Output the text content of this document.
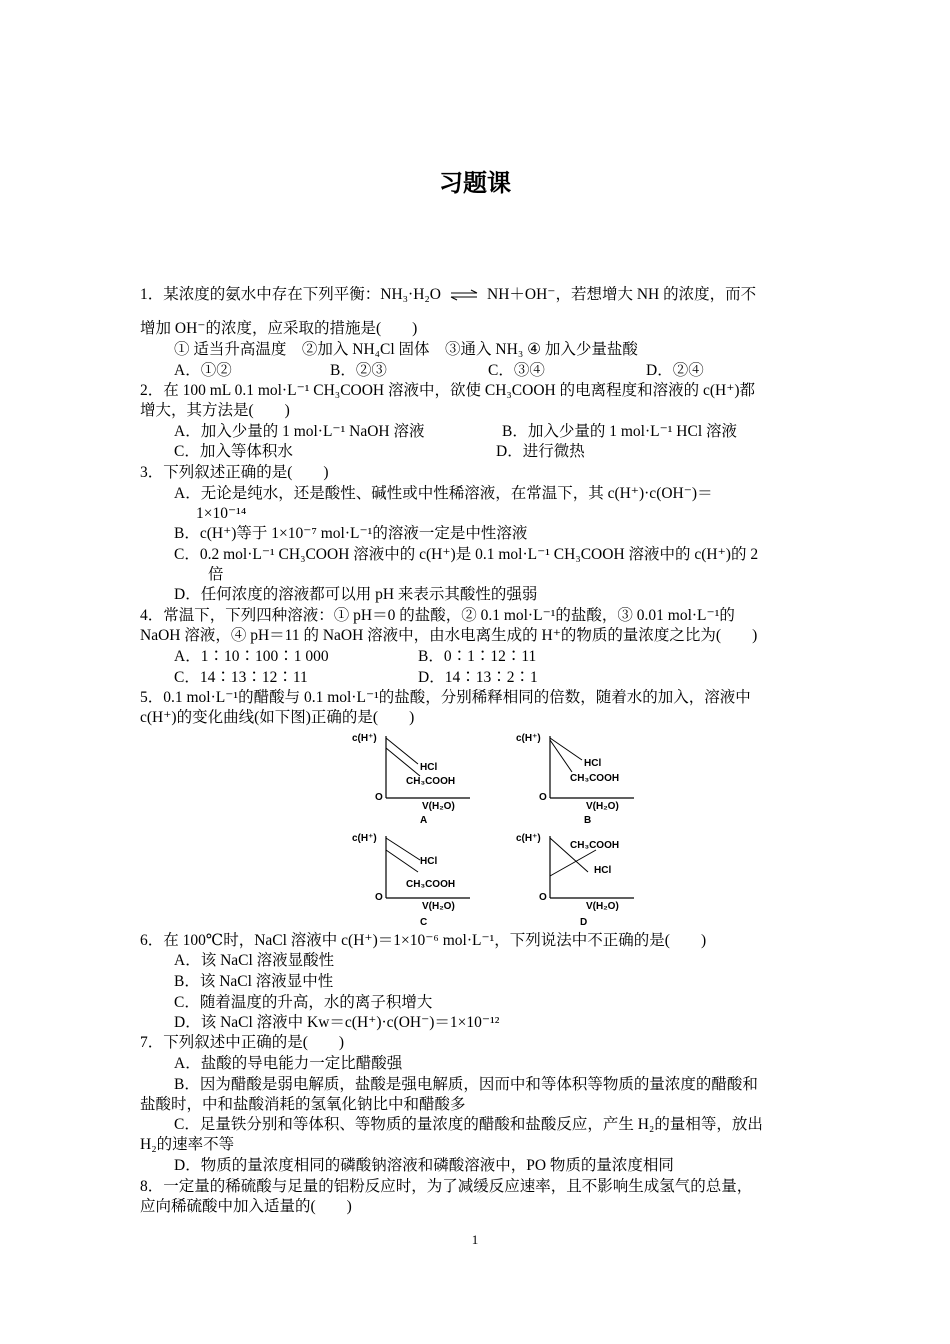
习题课
1．某浓度的氨水中存在下列平衡：NH₃·H₂O ⇌ NH＋OH⁻，若想增大 NH 的浓度，而不
增加 OH⁻的浓度，应采取的措施是(　　)
① 适当升高温度　②加入 NH₄Cl 固体　③通入 NH₃ ④ 加入少量盐酸
A．①②	B．②③	C．③④	D．②④
2．在 100 mL 0.1 mol·L⁻¹ CH₃COOH 溶液中，欲使 CH₃COOH 的电离程度和溶液的 c(H⁺)都
增大，其方法是(　　)
A．加入少量的 1 mol·L⁻¹ NaOH 溶液	B．加入少量的 1 mol·L⁻¹ HCl 溶液
C．加入等体积水	D．进行微热
3．下列叙述正确的是(　　)
A．无论是纯水，还是酸性、碱性或中性稀溶液，在常温下，其 c(H⁺)·c(OH⁻)＝
1×10⁻¹⁴
B．c(H⁺)等于 1×10⁻⁷ mol·L⁻¹的溶液一定是中性溶液
C．0.2 mol·L⁻¹ CH₃COOH 溶液中的 c(H⁺)是 0.1 mol·L⁻¹ CH₃COOH 溶液中的 c(H⁺)的 2
倍
D．任何浓度的溶液都可以用 pH 来表示其酸性的强弱
4．常温下，下列四种溶液：① pH＝0 的盐酸，② 0.1 mol·L⁻¹的盐酸，③ 0.01 mol·L⁻¹的
NaOH 溶液，④ pH＝11 的 NaOH 溶液中，由水电离生成的 H⁺的物质的量浓度之比为(　　)
A．1∶10∶100∶1 000	B．0∶1∶12∶11
C．14∶13∶12∶11	D．14∶13∶2∶1
5．0.1 mol·L⁻¹的醋酸与 0.1 mol·L⁻¹的盐酸，分别稀释相同的倍数，随着水的加入，溶液中
c(H⁺)的变化曲线(如下图)正确的是(　　)
c(H⁺)
HCl
CH₃COOH
O
V(H₂O)
A
c(H⁺)
HCl
CH₃COOH
O
V(H₂O)
B
c(H⁺)
HCl
CH₃COOH
O
V(H₂O)
C
c(H⁺)
CH₃COOH
HCl
O
V(H₂O)
D
6．在 100℃时，NaCl 溶液中 c(H⁺)＝1×10⁻⁶ mol·L⁻¹，下列说法中不正确的是(　　)
A．该 NaCl 溶液显酸性
B．该 NaCl 溶液显中性
C．随着温度的升高，水的离子积增大
D．该 NaCl 溶液中 Kw＝c(H⁺)·c(OH⁻)＝1×10⁻¹²
7．下列叙述中正确的是(　　)
A．盐酸的导电能力一定比醋酸强
B．因为醋酸是弱电解质，盐酸是强电解质，因而中和等体积等物质的量浓度的醋酸和
盐酸时，中和盐酸消耗的氢氧化钠比中和醋酸多
C．足量铁分别和等体积、等物质的量浓度的醋酸和盐酸反应，产生 H₂的量相等，放出
H₂的速率不等
D．物质的量浓度相同的磷酸钠溶液和磷酸溶液中，PO 物质的量浓度相同
8．一定量的稀硫酸与足量的铝粉反应时，为了减缓反应速率，且不影响生成氢气的总量，
应向稀硫酸中加入适量的(　　)
1
